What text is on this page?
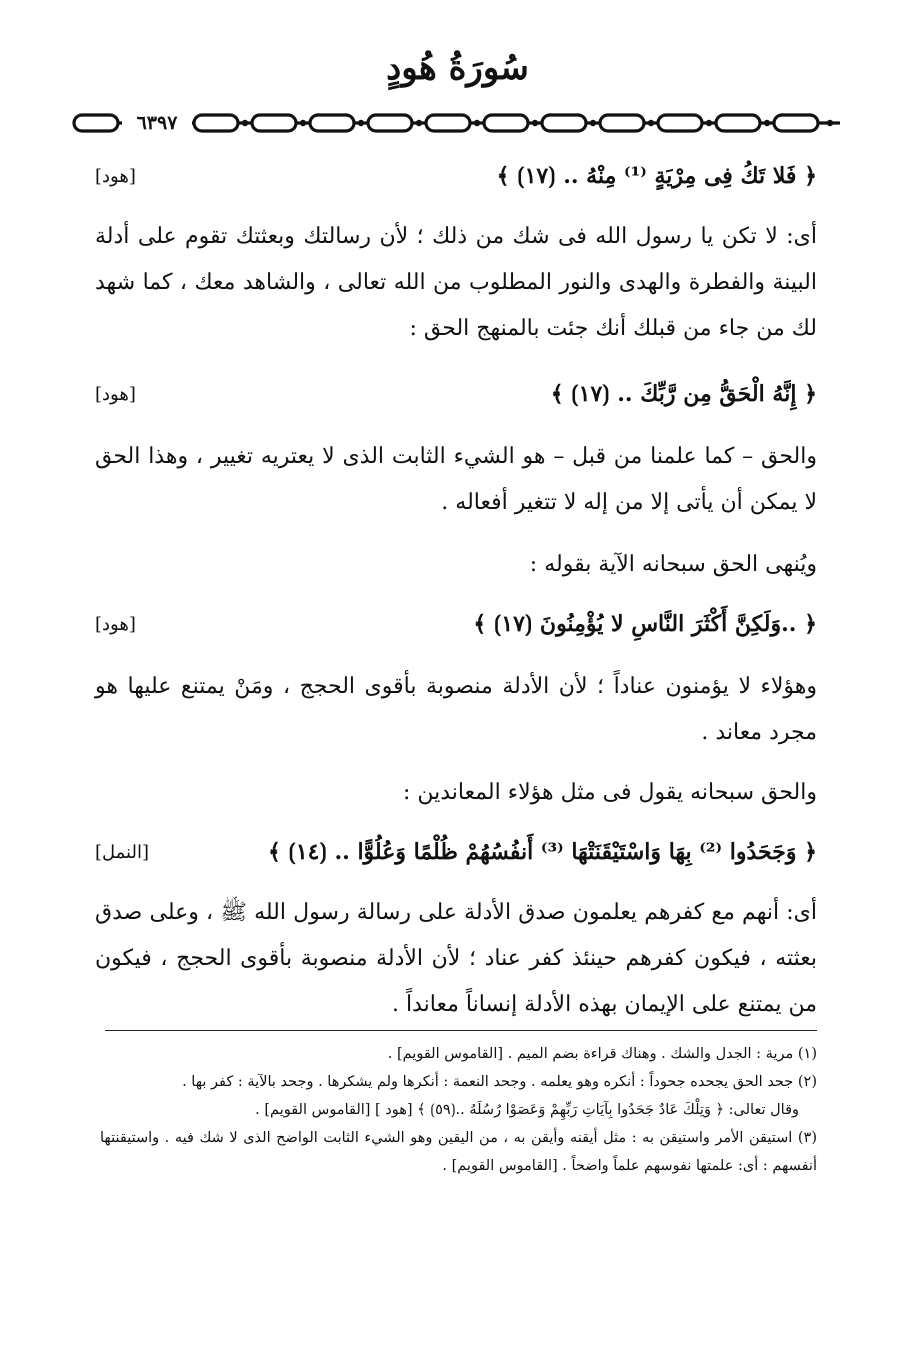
سُورَةُ هُودٍ
٦٣٩٧
﴿ فَلا تَكُ فِى مِرْيَةٍ ⁽¹⁾ مِنْهُ .. ⟮١٧⟯ ﴾
[هود]
أى: لا تكن يا رسول الله فى شك من ذلك ؛ لأن رسالتك وبعثتك تقوم على أدلة البينة والفطرة والهدى والنور المطلوب من الله تعالى ، والشاهد معك ، كما شهد لك من جاء من قبلك أنك جئت بالمنهج الحق :
﴿ إِنَّهُ الْحَقُّ مِن رَّبِّكَ .. ⟮١٧⟯ ﴾
[هود]
والحق – كما علمنا من قبل – هو الشيء الثابت الذى لا يعتريه تغيير ، وهذا الحق لا يمكن أن يأتى إلا من إله لا تتغير أفعاله .
ويُنهى الحق سبحانه الآية بقوله :
﴿ ..وَلَكِنَّ أَكْثَرَ النَّاسِ لا يُؤْمِنُونَ ⟮١٧⟯ ﴾
[هود]
وهؤلاء لا يؤمنون عناداً ؛ لأن الأدلة منصوبة بأقوى الحجج ، ومَنْ يمتنع عليها هو مجرد معاند .
والحق سبحانه يقول فى مثل هؤلاء المعاندين :
﴿ وَجَحَدُوا ⁽²⁾ بِهَا وَاسْتَيْقَنَتْهَا ⁽³⁾ أَنفُسُهُمْ ظُلْمًا وَعُلُوًّا .. ⟮١٤⟯ ﴾
[النمل]
أى: أنهم مع كفرهم يعلمون صدق الأدلة على رسالة رسول الله ﷺ ، وعلى صدق بعثته ، فيكون كفرهم حينئذ كفر عناد ؛ لأن الأدلة منصوبة بأقوى الحجج ، فيكون من يمتنع على الإيمان بهذه الأدلة إنساناً معانداً .
(١) مرية : الجدل والشك . وهناك قراءة بضم الميم . [القاموس القويم] .
(٢) جحد الحق يجحده جحوداً : أنكره وهو يعلمه . وجحد النعمة : أنكرها ولم يشكرها . وجحد بالآية : كفر بها .
وقال تعالى: ﴿ وَتِلْكَ عَادٌ جَحَدُوا بِآيَاتِ رَبِّهِمْ وَعَصَوْا رُسُلَهُ ..⟮٥٩⟯ ﴾ [هود ] [القاموس القويم] .
(٣) استيقن الأمر واستيقن به : مثل أيقنه وأيقن به ، من اليقين وهو الشيء الثابت الواضح الذى لا شك فيه . واستيقنتها أنفسهم : أى: علمتها نفوسهم علماً واضحاً . [القاموس القويم] .
